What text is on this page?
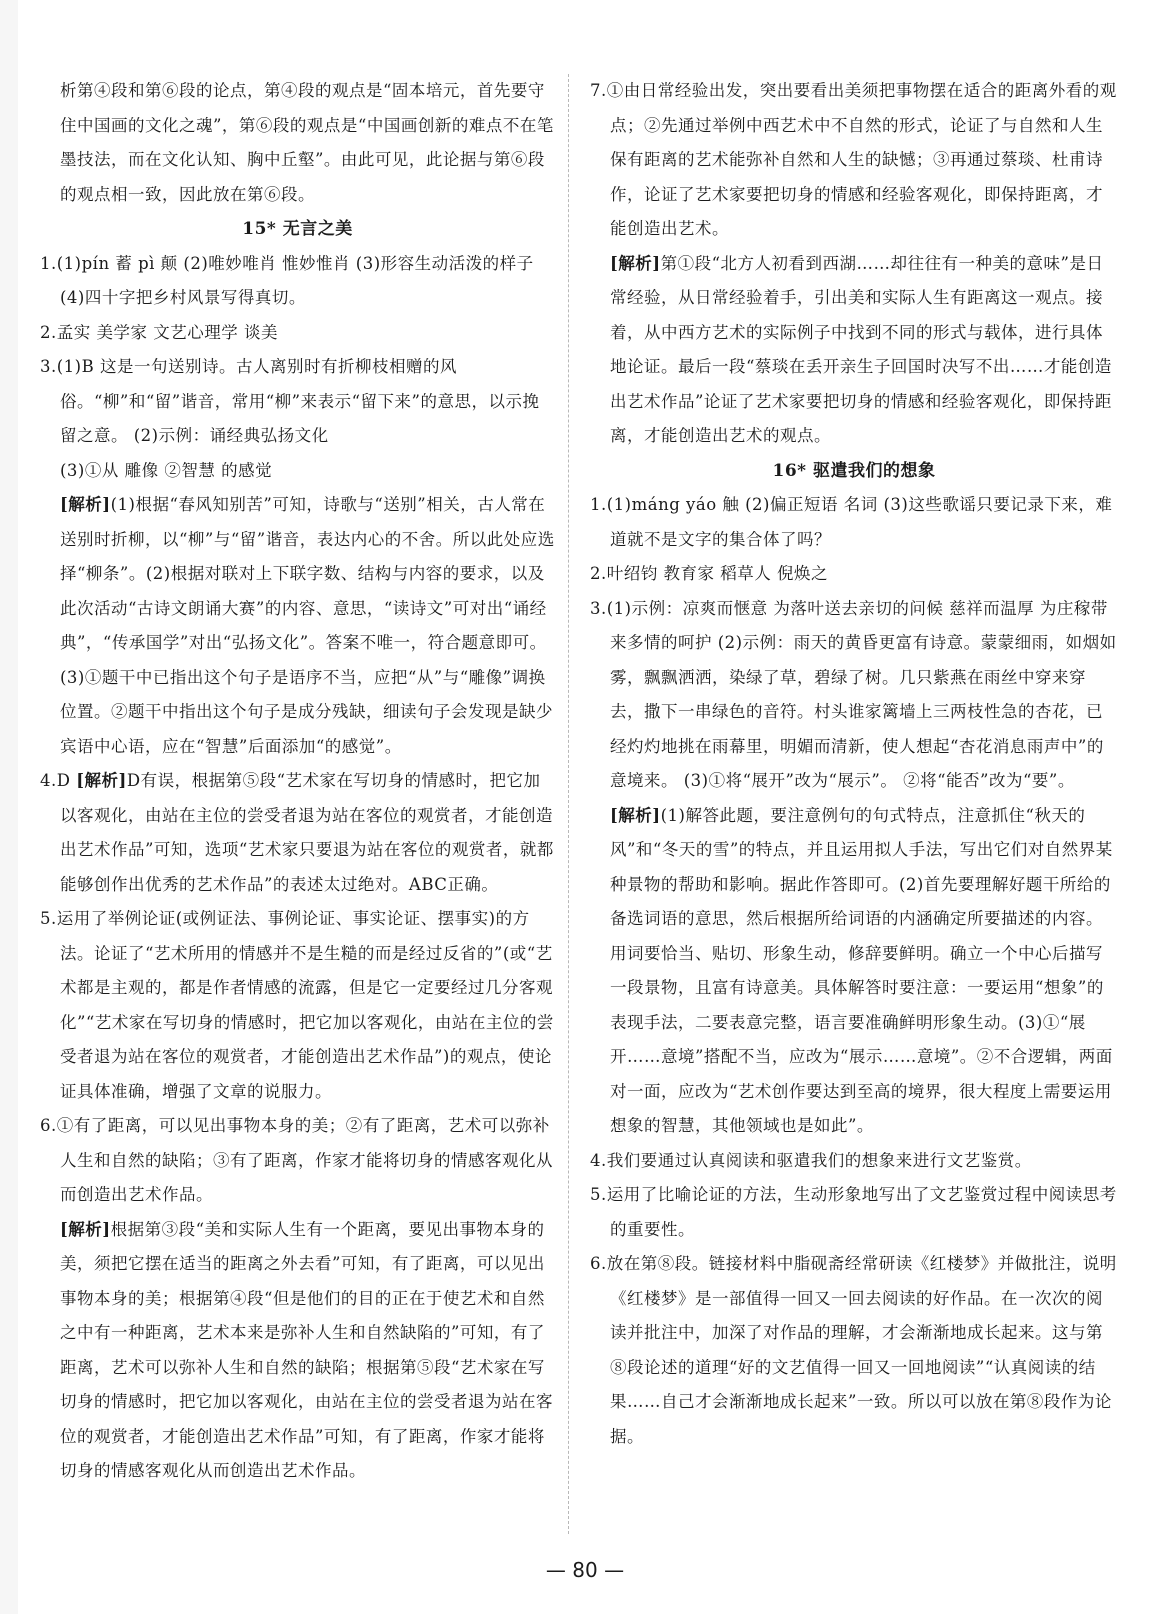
析第④段和第⑥段的论点，第④段的观点是“固本培元，首先要守住中国画的文化之魂”，第⑥段的观点是“中国画创新的难点不在笔墨技法，而在文化认知、胸中丘壑”。由此可见，此论据与第⑥段的观点相一致，因此放在第⑥段。

15* 无言之美

1.(1)pín 蓄 pì 颠 (2)唯妙唯肖 惟妙惟肖 (3)形容生动活泼的样子 (4)四十字把乡村风景写得真切。

2.孟实 美学家 文艺心理学 谈美

3.(1)B 这是一句送别诗。古人离别时有折柳枝相赠的风俗。“柳”和“留”谐音，常用“柳”来表示“留下来”的意思，以示挽留之意。 (2)示例：诵经典弘扬文化

(3)①从 雕像 ②智慧 的感觉

[解析](1)根据“春风知别苦”可知，诗歌与“送别”相关，古人常在送别时折柳，以“柳”与“留”谐音，表达内心的不舍。所以此处应选择“柳条”。(2)根据对联对上下联字数、结构与内容的要求，以及此次活动“古诗文朗诵大赛”的内容、意思，“读诗文”可对出“诵经典”，“传承国学”对出“弘扬文化”。答案不唯一，符合题意即可。(3)①题干中已指出这个句子是语序不当，应把“从”与“雕像”调换位置。②题干中指出这个句子是成分残缺，细读句子会发现是缺少宾语中心语，应在“智慧”后面添加“的感觉”。

4.D [解析]D有误，根据第⑤段“艺术家在写切身的情感时，把它加以客观化，由站在主位的尝受者退为站在客位的观赏者，才能创造出艺术作品”可知，选项“艺术家只要退为站在客位的观赏者，就都能够创作出优秀的艺术作品”的表述太过绝对。ABC正确。

5.运用了举例论证(或例证法、事例论证、事实论证、摆事实)的方法。论证了“艺术所用的情感并不是生糙的而是经过反省的”(或“艺术都是主观的，都是作者情感的流露，但是它一定要经过几分客观化”“艺术家在写切身的情感时，把它加以客观化，由站在主位的尝受者退为站在客位的观赏者，才能创造出艺术作品”)的观点，使论证具体准确，增强了文章的说服力。

6.①有了距离，可以见出事物本身的美；②有了距离，艺术可以弥补人生和自然的缺陷；③有了距离，作家才能将切身的情感客观化从而创造出艺术作品。

[解析]根据第③段“美和实际人生有一个距离，要见出事物本身的美，须把它摆在适当的距离之外去看”可知，有了距离，可以见出事物本身的美；根据第④段“但是他们的目的正在于使艺术和自然之中有一种距离，艺术本来是弥补人生和自然缺陷的”可知，有了距离，艺术可以弥补人生和自然的缺陷；根据第⑤段“艺术家在写切身的情感时，把它加以客观化，由站在主位的尝受者退为站在客位的观赏者，才能创造出艺术作品”可知，有了距离，作家才能将切身的情感客观化从而创造出艺术作品。

7.①由日常经验出发，突出要看出美须把事物摆在适合的距离外看的观点；②先通过举例中西艺术中不自然的形式，论证了与自然和人生保有距离的艺术能弥补自然和人生的缺憾；③再通过蔡琰、杜甫诗作，论证了艺术家要把切身的情感和经验客观化，即保持距离，才能创造出艺术。

[解析]第①段“北方人初看到西湖……却往往有一种美的意味”是日常经验，从日常经验着手，引出美和实际人生有距离这一观点。接着，从中西方艺术的实际例子中找到不同的形式与载体，进行具体地论证。最后一段“蔡琰在丢开亲生子回国时决写不出……才能创造出艺术作品”论证了艺术家要把切身的情感和经验客观化，即保持距离，才能创造出艺术的观点。

16* 驱遣我们的想象

1.(1)máng yáo 触 (2)偏正短语 名词 (3)这些歌谣只要记录下来，难道就不是文字的集合体了吗？

2.叶绍钧 教育家 稻草人 倪焕之

3.(1)示例：凉爽而惬意 为落叶送去亲切的问候 慈祥而温厚 为庄稼带来多情的呵护 (2)示例：雨天的黄昏更富有诗意。蒙蒙细雨，如烟如雾，飘飘洒洒，染绿了草，碧绿了树。几只紫燕在雨丝中穿来穿去，撒下一串绿色的音符。村头谁家篱墙上三两枝性急的杏花，已经灼灼地挑在雨幕里，明媚而清新，使人想起“杏花消息雨声中”的意境来。 (3)①将“展开”改为“展示”。 ②将“能否”改为“要”。

[解析](1)解答此题，要注意例句的句式特点，注意抓住“秋天的风”和“冬天的雪”的特点，并且运用拟人手法，写出它们对自然界某种景物的帮助和影响。据此作答即可。(2)首先要理解好题干所给的备选词语的意思，然后根据所给词语的内涵确定所要描述的内容。用词要恰当、贴切、形象生动，修辞要鲜明。确立一个中心后描写一段景物，且富有诗意美。具体解答时要注意：一要运用“想象”的表现手法，二要表意完整，语言要准确鲜明形象生动。(3)①“展开……意境”搭配不当，应改为“展示……意境”。②不合逻辑，两面对一面，应改为“艺术创作要达到至高的境界，很大程度上需要运用想象的智慧，其他领域也是如此”。

4.我们要通过认真阅读和驱遣我们的想象来进行文艺鉴赏。

5.运用了比喻论证的方法，生动形象地写出了文艺鉴赏过程中阅读思考的重要性。

6.放在第⑧段。链接材料中脂砚斋经常研读《红楼梦》并做批注，说明《红楼梦》是一部值得一回又一回去阅读的好作品。在一次次的阅读并批注中，加深了对作品的理解，才会渐渐地成长起来。这与第⑧段论述的道理“好的文艺值得一回又一回地阅读”“认真阅读的结果……自己才会渐渐地成长起来”一致。所以可以放在第⑧段作为论据。

— 80 —
